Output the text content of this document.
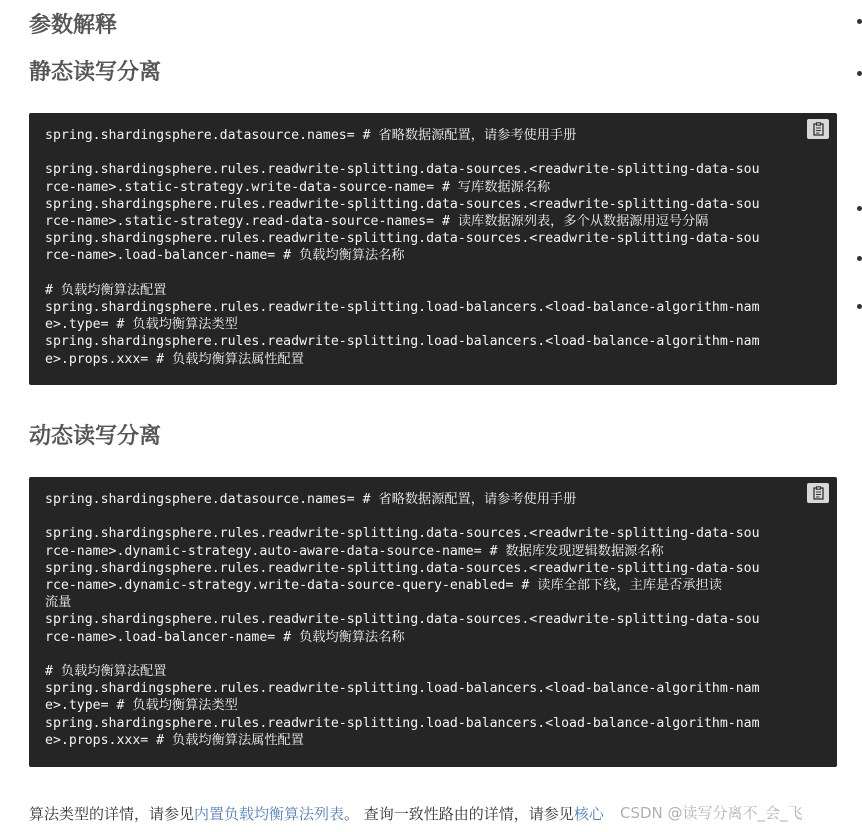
参数解释
静态读写分离
spring.shardingsphere.datasource.names= # 省略数据源配置，请参考使用手册

spring.shardingsphere.rules.readwrite-splitting.data-sources.<readwrite-splitting-data-sou
rce-name>.static-strategy.write-data-source-name= # 写库数据源名称
spring.shardingsphere.rules.readwrite-splitting.data-sources.<readwrite-splitting-data-sou
rce-name>.static-strategy.read-data-source-names= # 读库数据源列表，多个从数据源用逗号分隔
spring.shardingsphere.rules.readwrite-splitting.data-sources.<readwrite-splitting-data-sou
rce-name>.load-balancer-name= # 负载均衡算法名称

# 负载均衡算法配置
spring.shardingsphere.rules.readwrite-splitting.load-balancers.<load-balance-algorithm-nam
e>.type= # 负载均衡算法类型
spring.shardingsphere.rules.readwrite-splitting.load-balancers.<load-balance-algorithm-nam
e>.props.xxx= # 负载均衡算法属性配置
动态读写分离
spring.shardingsphere.datasource.names= # 省略数据源配置，请参考使用手册

spring.shardingsphere.rules.readwrite-splitting.data-sources.<readwrite-splitting-data-sou
rce-name>.dynamic-strategy.auto-aware-data-source-name= # 数据库发现逻辑数据源名称
spring.shardingsphere.rules.readwrite-splitting.data-sources.<readwrite-splitting-data-sou
rce-name>.dynamic-strategy.write-data-source-query-enabled= # 读库全部下线，主库是否承担读
流量
spring.shardingsphere.rules.readwrite-splitting.data-sources.<readwrite-splitting-data-sou
rce-name>.load-balancer-name= # 负载均衡算法名称

# 负载均衡算法配置
spring.shardingsphere.rules.readwrite-splitting.load-balancers.<load-balance-algorithm-nam
e>.type= # 负载均衡算法类型
spring.shardingsphere.rules.readwrite-splitting.load-balancers.<load-balance-algorithm-nam
e>.props.xxx= # 负载均衡算法属性配置
算法类型的详情，请参见内置负载均衡算法列表。 查询一致性路由的详情，请参见核心 CSDN @读写分离不_会_飞
